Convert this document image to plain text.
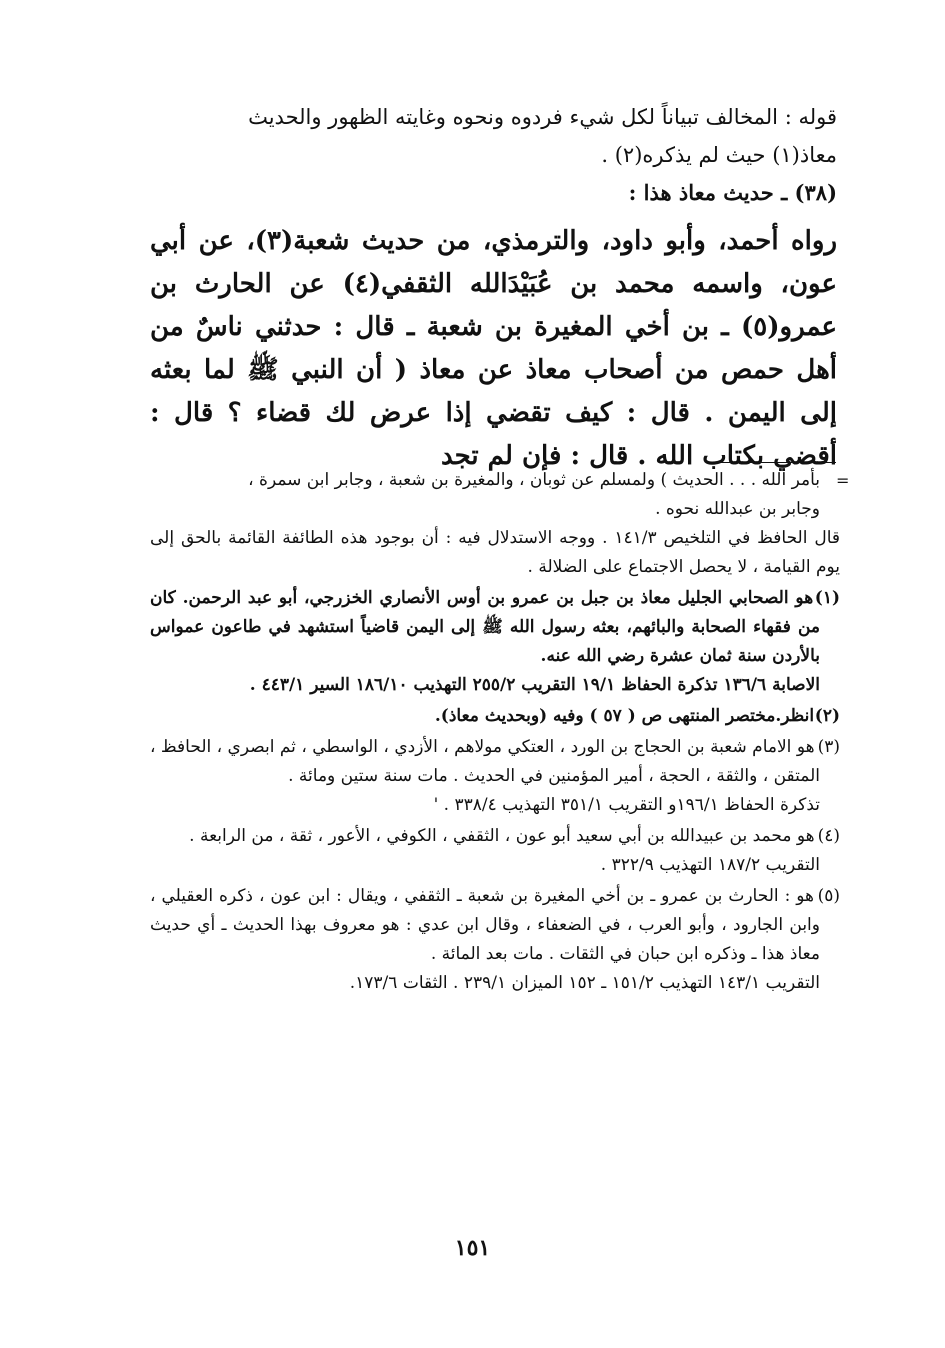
قوله : المخالف تبياناً لكل شيء فردوه ونحوه وغايته الظهور والحديث

معاذ(١) حيث لم يذكره(٢) .

(٣٨) ـ حديث معاذ هذا :

رواه أحمد، وأبو داود، والترمذي، من حديث شعبة(٣)، عن أبي عون، واسمه محمد بن عُبَيْدَالله الثقفي(٤) عن الحارث بن عمرو(٥) ـ بن أخي المغيرة بن شعبة ـ قال : حدثني ناسٌ من أهل حمص من أصحاب معاذ عن معاذ ( أن النبي ﷺ لما بعثه إلى اليمن . قال : كيف تقضي إذا عرض لك قضاء ؟ قال : أقضي بكتاب الله . قال : فإن لم تجد

=

بأمر الله . . . الحديث ) ولمسلم عن ثوبان ، والمغيرة بن شعبة ، وجابر ابن سمرة ،

وجابر بن عبدالله نحوه .

قال الحافظ في التلخيص ١٤١/٣ . ووجه الاستدلال فيه : أن بوجود هذه الطائفة القائمة بالحق إلى يوم القيامة ، لا يحصل الاجتماع على الضلالة .

(١) هو الصحابي الجليل معاذ بن جبل بن عمرو بن أوس الأنصاري الخزرجي، أبو عبد الرحمن. كان من فقهاء الصحابة والبائهم، بعثه رسول الله ﷺ إلى اليمن قاضياً استشهد في طاعون عمواس بالأردن سنة ثمان عشرة رضي الله عنه.

الاصابة ١٣٦/٦ تذكرة الحفاظ ١٩/١ التقريب ٢٥٥/٢ التهذيب ١٨٦/١٠ السير ٤٤٣/١ .

(٢) انظر.مختصر المنتهى ص ( ٥٧ ) وفيه (وبحديث معاذ).

(٣) هو الامام شعبة بن الحجاج بن الورد ، العتكي مولاهم ، الأزدي ، الواسطي ، ثم ابصري ، الحافظ ، المتقن ، والثقة ، الحجة ، أمير المؤمنين في الحديث . مات سنة ستين ومائة .

تذكرة الحفاظ ١٩٦/١و التقريب ٣٥١/١ التهذيب ٣٣٨/٤ . '

(٤) هو محمد بن عبيدالله بن أبي سعيد أبو عون ، الثقفي ، الكوفي ، الأعور ، ثقة ، من الرابعة .

التقريب ١٨٧/٢ التهذيب ٣٢٢/٩ .

(٥) هو : الحارث بن عمرو ـ بن أخي المغيرة بن شعبة ـ الثقفي ، ويقال : ابن عون ، ذكره العقيلي ، وابن الجارود ، وأبو العرب ، في الضعفاء ، وقال ابن عدي : هو معروف بهذا الحديث ـ أي حديث معاذ هذا ـ وذكره ابن حبان في الثقات . مات بعد المائة .

التقريب ١٤٣/١ التهذيب ١٥١/٢ ـ ١٥٢ الميزان ٢٣٩/١ . الثقات ١٧٣/٦.

١٥١
